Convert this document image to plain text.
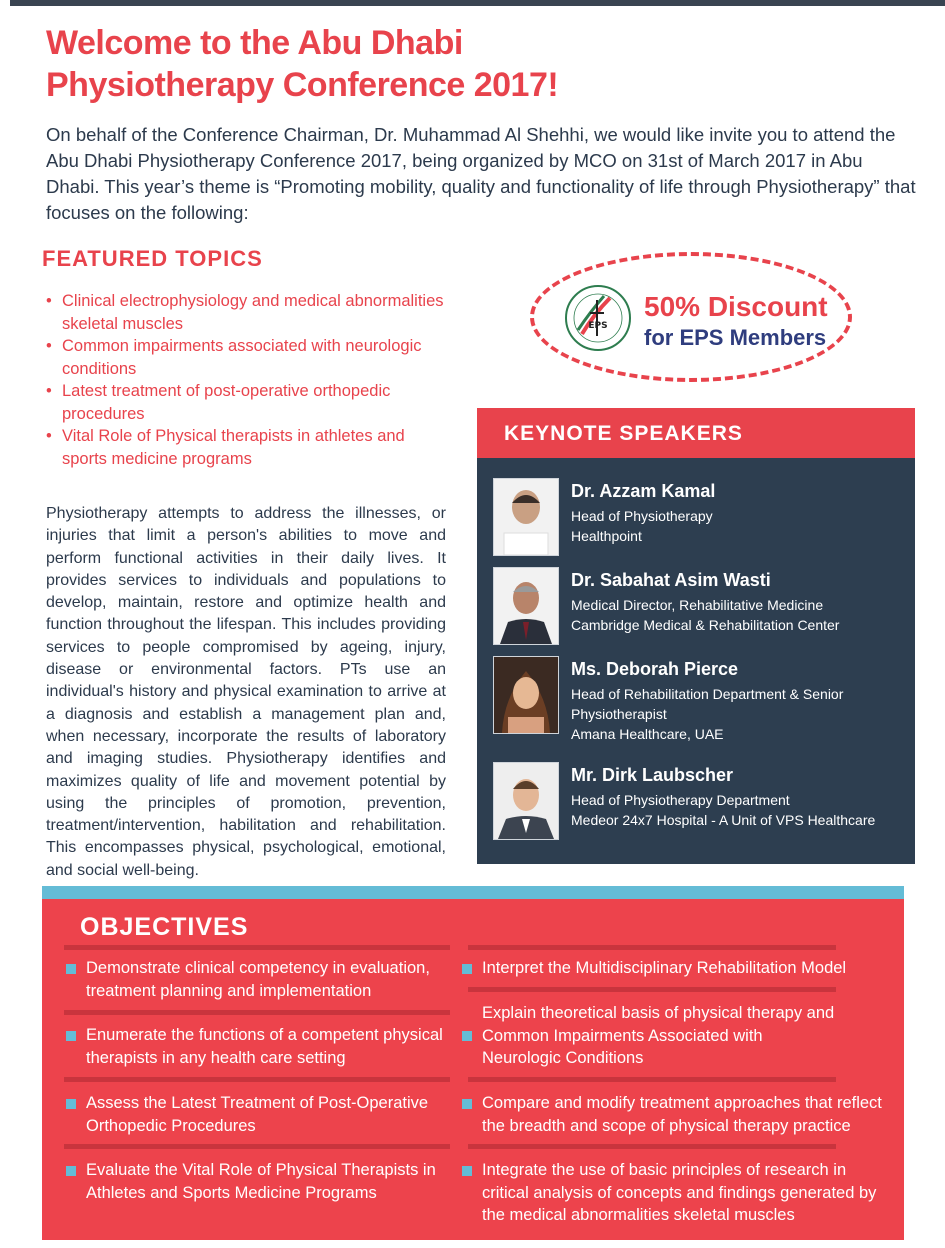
Welcome to the Abu Dhabi
Physiotherapy Conference 2017!

On behalf of the Conference Chairman, Dr. Muhammad Al Shehhi, we would like invite you to attend the Abu Dhabi Physiotherapy Conference 2017, being organized by MCO on 31st of March 2017 in Abu Dhabi. This year’s theme is “Promoting mobility, quality and functionality of life through Physiotherapy” that focuses on the following:

FEATURED TOPICS
• Clinical electrophysiology and medical abnormalities skeletal muscles
• Common impairments associated with neurologic conditions
• Latest treatment of post-operative orthopedic procedures
• Vital Role of Physical therapists in athletes and sports medicine programs

Physiotherapy attempts to address the illnesses, or injuries that limit a person's abilities to move and perform functional activities in their daily lives. It provides services to individuals and populations to develop, maintain, restore and optimize health and function throughout the lifespan. This includes providing services to people compromised by ageing, injury, disease or environmental factors. PTs use an individual's history and physical examination to arrive at a diagnosis and establish a management plan and, when necessary, incorporate the results of laboratory and imaging studies. Physiotherapy identifies and maximizes quality of life and movement potential by using the principles of promotion, prevention, treatment/intervention, habilitation and rehabilitation. This encompasses physical, psychological, emotional, and social well-being.

EPS
50% Discount
for EPS Members
KEYNOTE SPEAKERS
Dr. Azzam Kamal
Head of Physiotherapy
Healthpoint
Dr. Sabahat Asim Wasti
Medical Director, Rehabilitative Medicine
Cambridge Medical & Rehabilitation Center
Ms. Deborah Pierce
Head of Rehabilitation Department & Senior Physiotherapist
Amana Healthcare, UAE
Mr. Dirk Laubscher
Head of Physiotherapy Department
Medeor 24x7 Hospital - A Unit of VPS Healthcare
OBJECTIVES
Demonstrate clinical competency in evaluation, treatment planning and implementation
Interpret the Multidisciplinary Rehabilitation Model
Enumerate the functions of a competent physical therapists in any health care setting
Explain theoretical basis of physical therapy and Common Impairments Associated with Neurologic Conditions
Assess the Latest Treatment of Post-Operative Orthopedic Procedures
Compare and modify treatment approaches that reflect the breadth and scope of physical therapy practice
Evaluate the Vital Role of Physical Therapists in Athletes and Sports Medicine Programs
Integrate the use of basic principles of research in critical analysis of concepts and findings generated by the medical abnormalities skeletal muscles
